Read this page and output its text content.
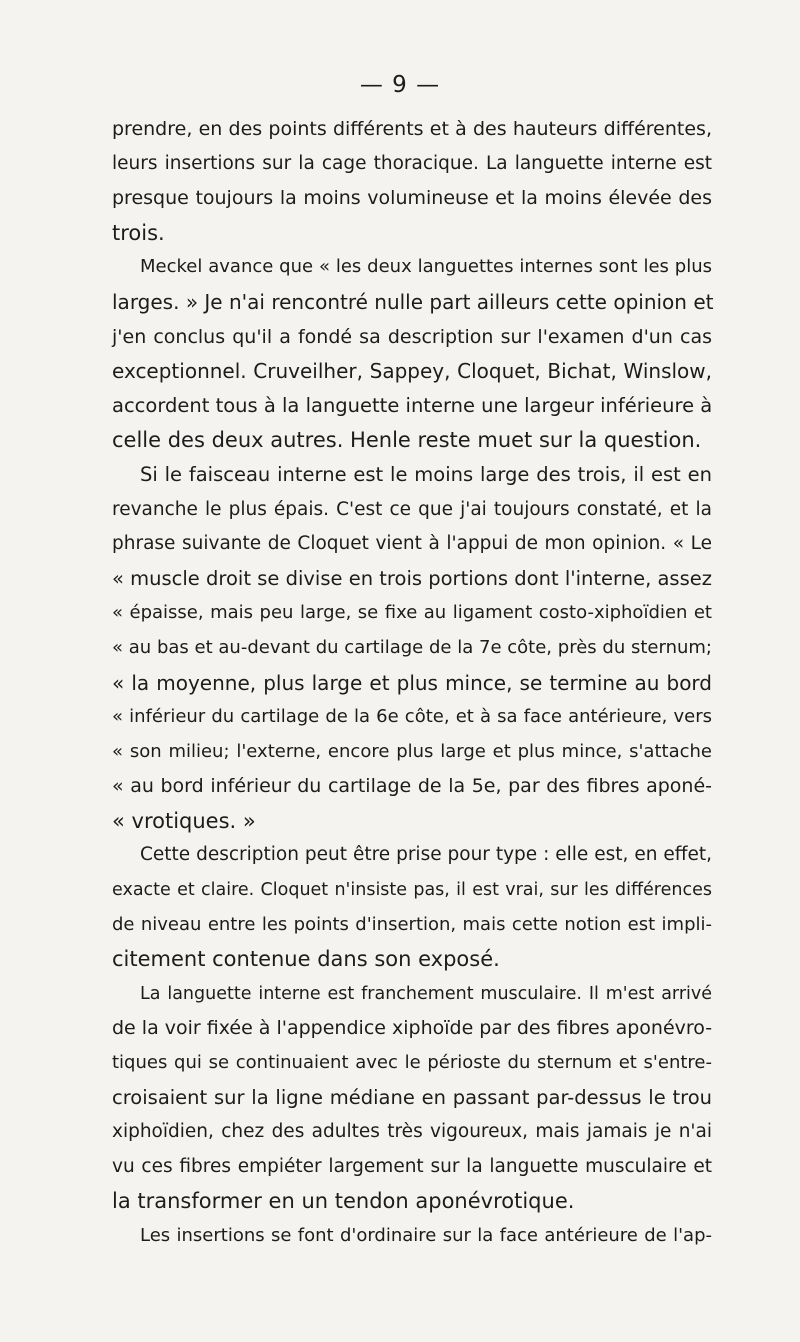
— 9 —
prendre, en des points différents et à des hauteurs différentes,
leurs insertions sur la cage thoracique. La languette interne est
presque toujours la moins volumineuse et la moins élevée des
trois.
Meckel avance que « les deux languettes internes sont les plus
larges. » Je n'ai rencontré nulle part ailleurs cette opinion et
j'en conclus qu'il a fondé sa description sur l'examen d'un cas
exceptionnel. Cruveilher, Sappey, Cloquet, Bichat, Winslow,
accordent tous à la languette interne une largeur inférieure à
celle des deux autres. Henle reste muet sur la question.
Si le faisceau interne est le moins large des trois, il est en
revanche le plus épais. C'est ce que j'ai toujours constaté, et la
phrase suivante de Cloquet vient à l'appui de mon opinion. « Le
« muscle droit se divise en trois portions dont l'interne, assez
« épaisse, mais peu large, se fixe au ligament costo-xiphoïdien et
« au bas et au-devant du cartilage de la 7e côte, près du sternum;
« la moyenne, plus large et plus mince, se termine au bord
« inférieur du cartilage de la 6e côte, et à sa face antérieure, vers
« son milieu; l'externe, encore plus large et plus mince, s'attache
« au bord inférieur du cartilage de la 5e, par des fibres aponé-
« vrotiques. »
Cette description peut être prise pour type : elle est, en effet,
exacte et claire. Cloquet n'insiste pas, il est vrai, sur les différences
de niveau entre les points d'insertion, mais cette notion est impli-
citement contenue dans son exposé.
La languette interne est franchement musculaire. Il m'est arrivé
de la voir fixée à l'appendice xiphoïde par des fibres aponévro-
tiques qui se continuaient avec le périoste du sternum et s'entre-
croisaient sur la ligne médiane en passant par-dessus le trou
xiphoïdien, chez des adultes très vigoureux, mais jamais je n'ai
vu ces fibres empiéter largement sur la languette musculaire et
la transformer en un tendon aponévrotique.
Les insertions se font d'ordinaire sur la face antérieure de l'ap-
